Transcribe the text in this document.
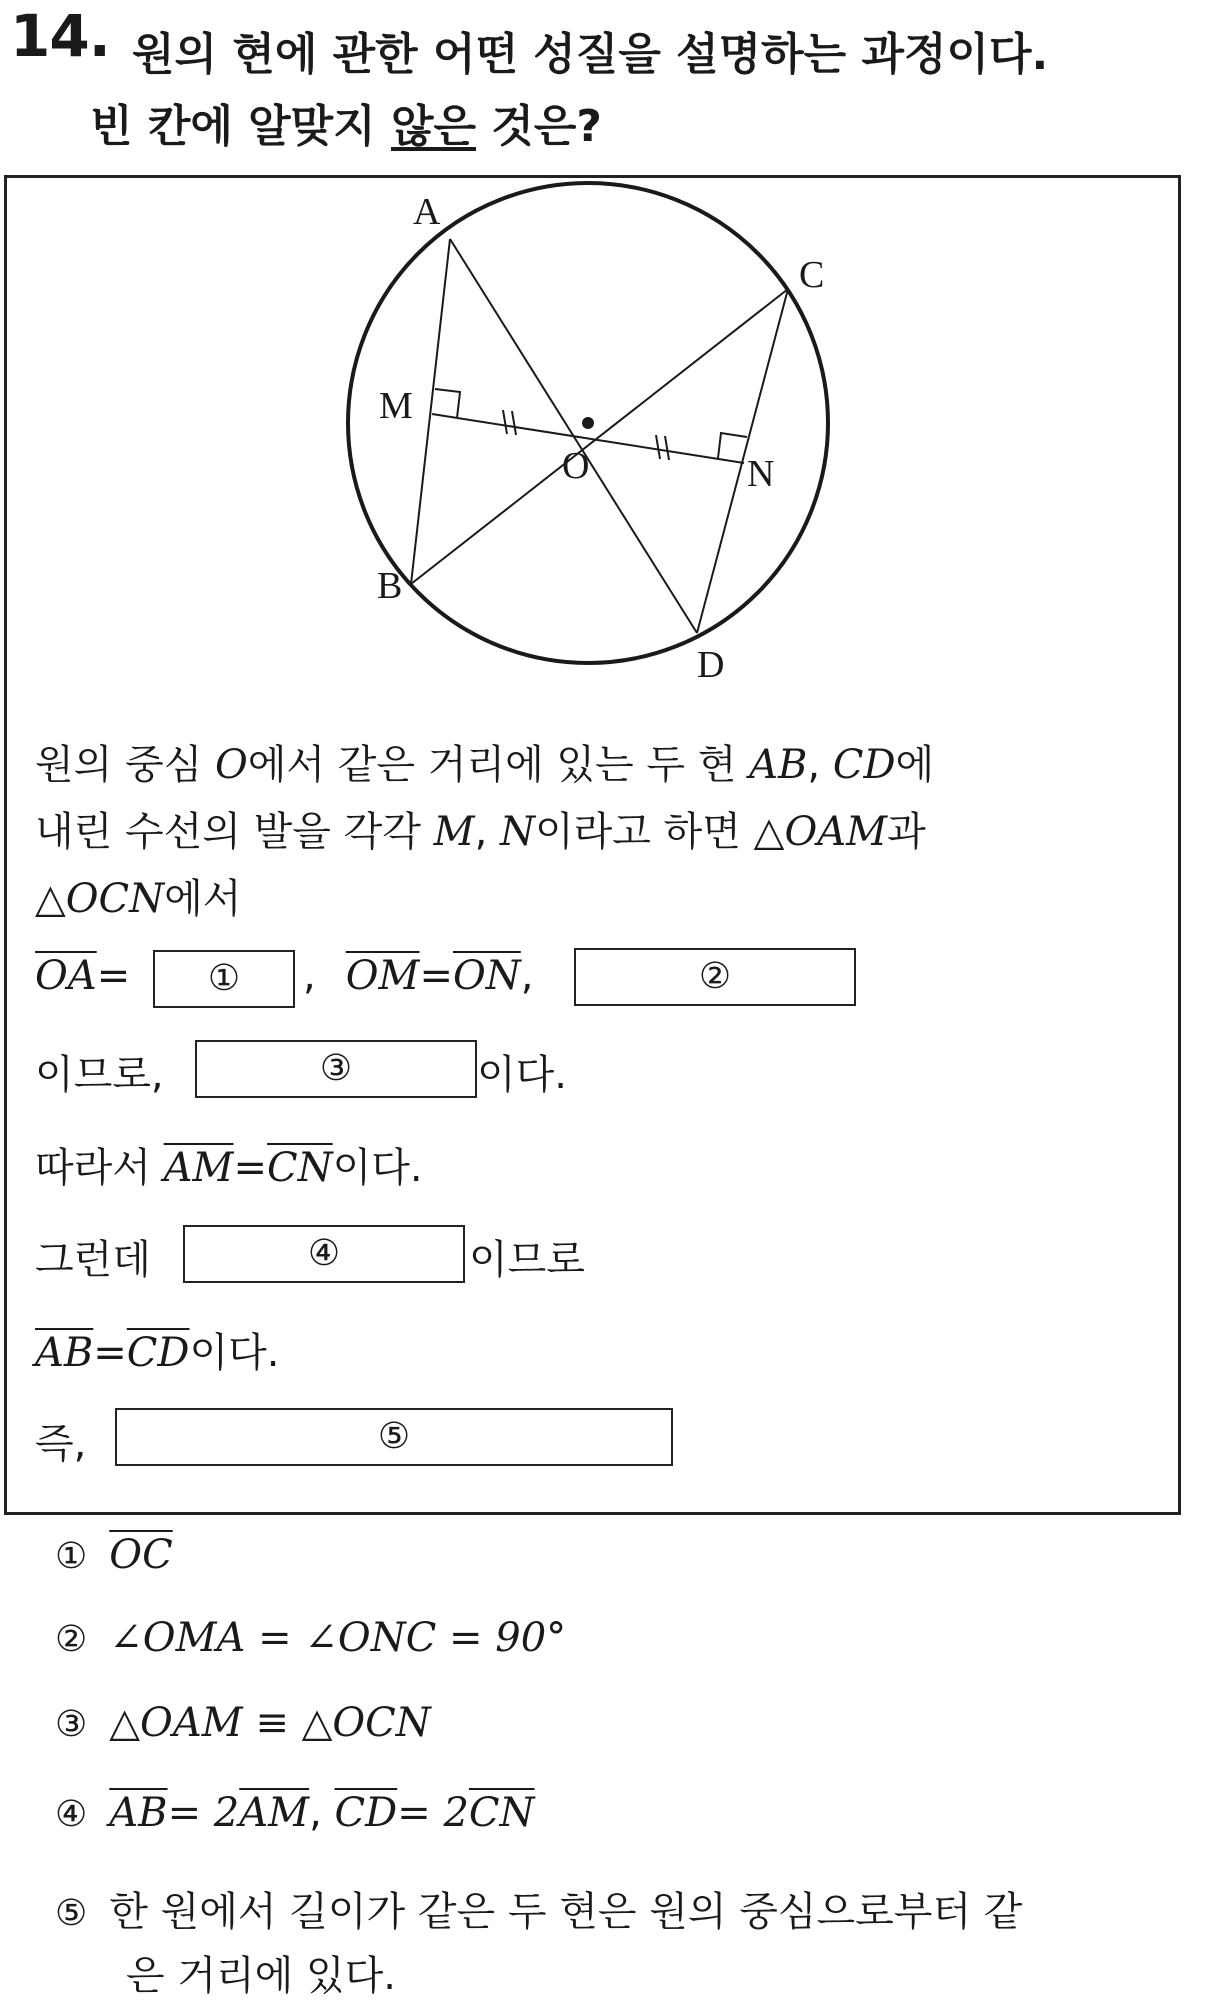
14. 원의 현에 관한 어떤 성질을 설명하는 과정이다.
빈 칸에 알맞지 않은 것은?
A
B
C
D
M
N
O
원의 중심 O에서 같은 거리에 있는 두 현 AB, CD에
내린 수선의 발을 각각 M, N이라고 하면 △OAM과
△OCN에서
$\overline{OA}=$	①	, $\overline{OM}=\overline{ON}$,	②
이므로,	③	이다.
따라서 $\overline{AM}=\overline{CN}$이다.
그런데	④	이므로
$\overline{AB}=\overline{CD}$이다.
즉,	⑤
① $\overline{OC}$
② ∠OMA = ∠ONC = 90°
③ △OAM ≡ △OCN
④ $\overline{AB}= 2\overline{AM}$, $\overline{CD}= 2\overline{CN}$
⑤ 한 원에서 길이가 같은 두 현은 원의 중심으로부터 같
은 거리에 있다.
